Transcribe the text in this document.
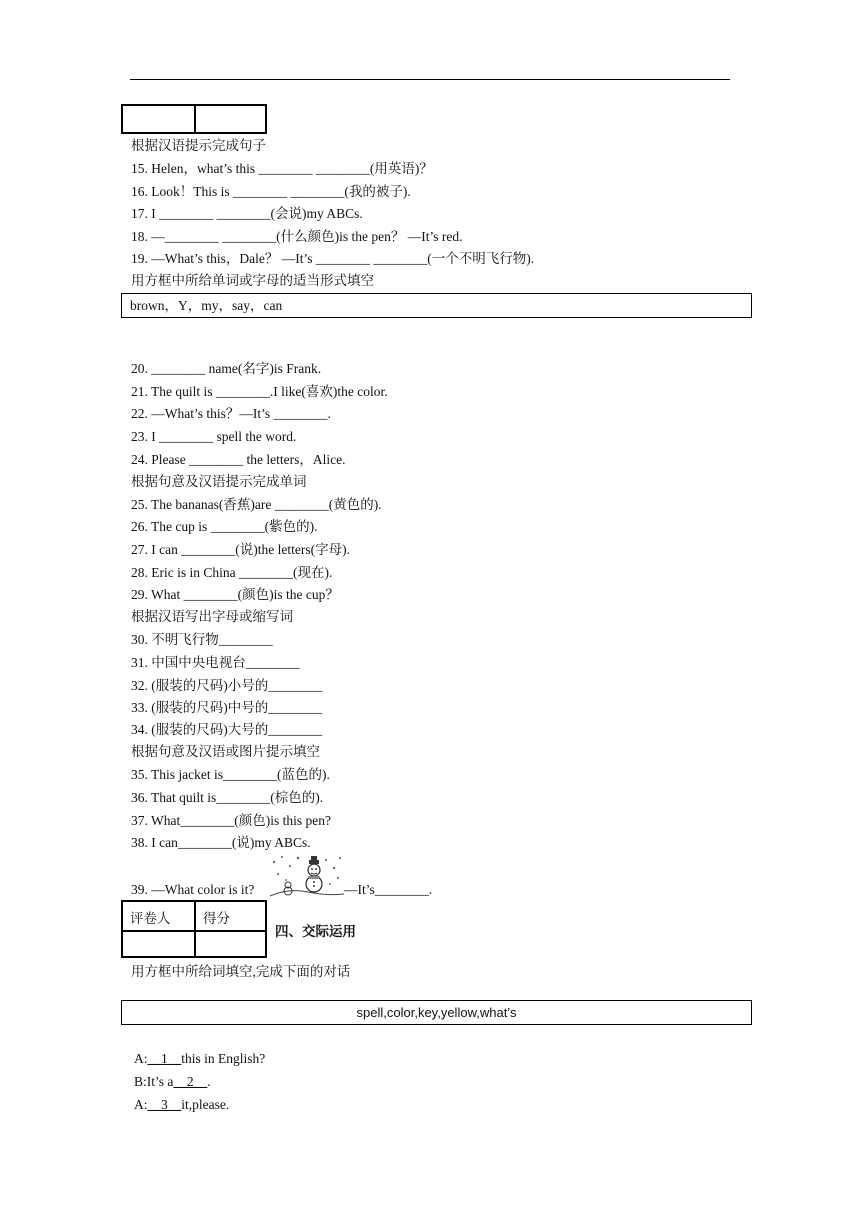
根据汉语提示完成句子
15. Helen，what’s this ________ ________(用英语)？
16. Look！This is ________ ________(我的被子).
17. I ________ ________(会说)my ABCs.
18. —________ ________(什么颜色)is the pen？ —It’s red.
19. —What’s this，Dale？ —It’s ________ ________(一个不明飞行物).
用方框中所给单词或字母的适当形式填空
brown，Y，my，say，can
20. ________ name(名字)is Frank.
21. The quilt is ________.I like(喜欢)the color.
22. —What’s this？—It’s ________.
23. I ________ spell the word.
24. Please ________ the letters，Alice.
根据句意及汉语提示完成单词
25. The bananas(香蕉)are ________(黄色的).
26. The cup is ________(紫色的).
27. I can ________(说)the letters(字母).
28. Eric is in China ________(现在).
29. What ________(颜色)is the cup？
根据汉语写出字母或缩写词
30. 不明飞行物________
31. 中国中央电视台________
32. (服装的尺码)小号的________
33. (服装的尺码)中号的________
34. (服装的尺码)大号的________
根据句意及汉语或图片提示填空
35. This jacket is________(蓝色的).
36. That quilt is________(棕色的).
37. What________(颜色)is this pen?
38. I can________(说)my ABCs.
39. —What color is it?	—It’s________.
评卷人 得分
四、交际运用
用方框中所给词填空,完成下面的对话
spell,color,key,yellow,what’s
A:__1__this in English?
B:It’s a__2__.
A:__3__it,please.
